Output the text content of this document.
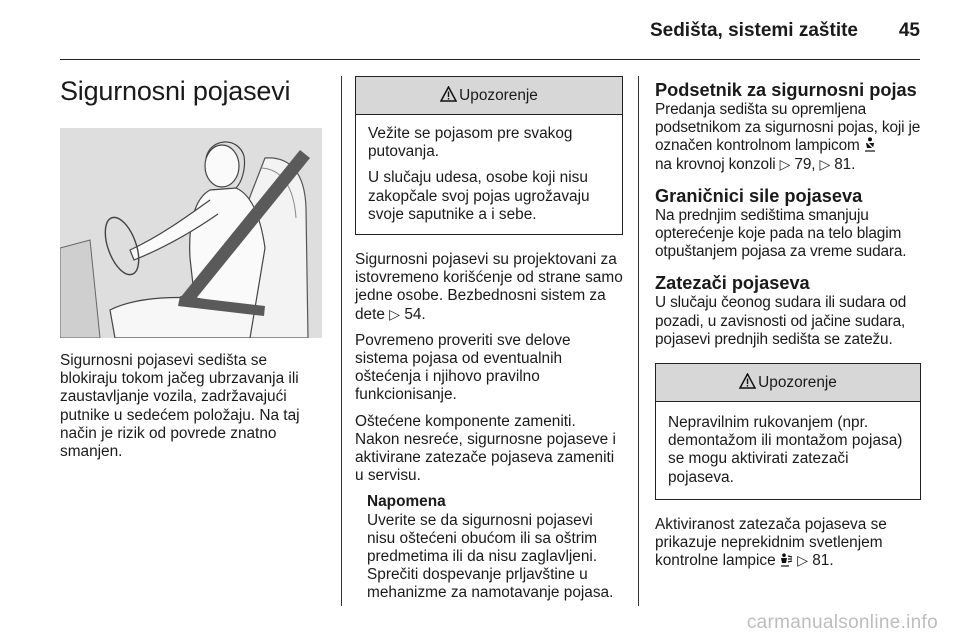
Sedišta, sistemi zaštite 45
Sigurnosni pojasevi

Sigurnosni pojasevi sedišta se blokiraju tokom jačeg ubrzavanja ili zaustavljanje vozila, zadržavajući putnike u sedećem položaju. Na taj način je rizik od povrede znatno smanjen.

Upozorenje

Vežite se pojasom pre svakog putovanja.

U slučaju udesa, osobe koji nisu zakopčale svoj pojas ugrožavaju svoje saputnike a i sebe.

Sigurnosni pojasevi su projektovani za istovremeno korišćenje od strane samo jedne osobe. Bezbednosni sistem za dete ▷ 54.

Povremeno proveriti sve delove sistema pojasa od eventualnih oštećenja i njihovo pravilno funkcionisanje.

Oštećene komponente zameniti. Nakon nesreće, sigurnosne pojaseve i aktivirane zatezače pojaseva zameniti u servisu.

Napomena
Uverite se da sigurnosni pojasevi nisu oštećeni obućom ili sa oštrim predmetima ili da nisu zaglavljeni. Sprečiti dospevanje prljavštine u mehanizme za namotavanje pojasa.
Podsetnik za sigurnosni pojas

Predanja sedišta su opremljena podsetnikom za sigurnosni pojas, koji je označen kontrolnom lampicom
na krovnoj konzoli ▷ 79, ▷ 81.

Graničnici sile pojaseva

Na prednjim sedištima smanjuju opterećenje koje pada na telo blagim otpuštanjem pojasa za vreme sudara.

Zatezači pojaseva

U slučaju čeonog sudara ili sudara od pozadi, u zavisnosti od jačine sudara, pojasevi prednjih sedišta se zatežu.

Upozorenje

Nepravilnim rukovanjem (npr. demontažom ili montažom pojasa) se mogu aktivirati zatezači pojaseva.

Aktiviranost zatezača pojaseva se prikazuje neprekidnim svetlenjem kontrolne lampice ▷ 81.

carmanualsonline.info
